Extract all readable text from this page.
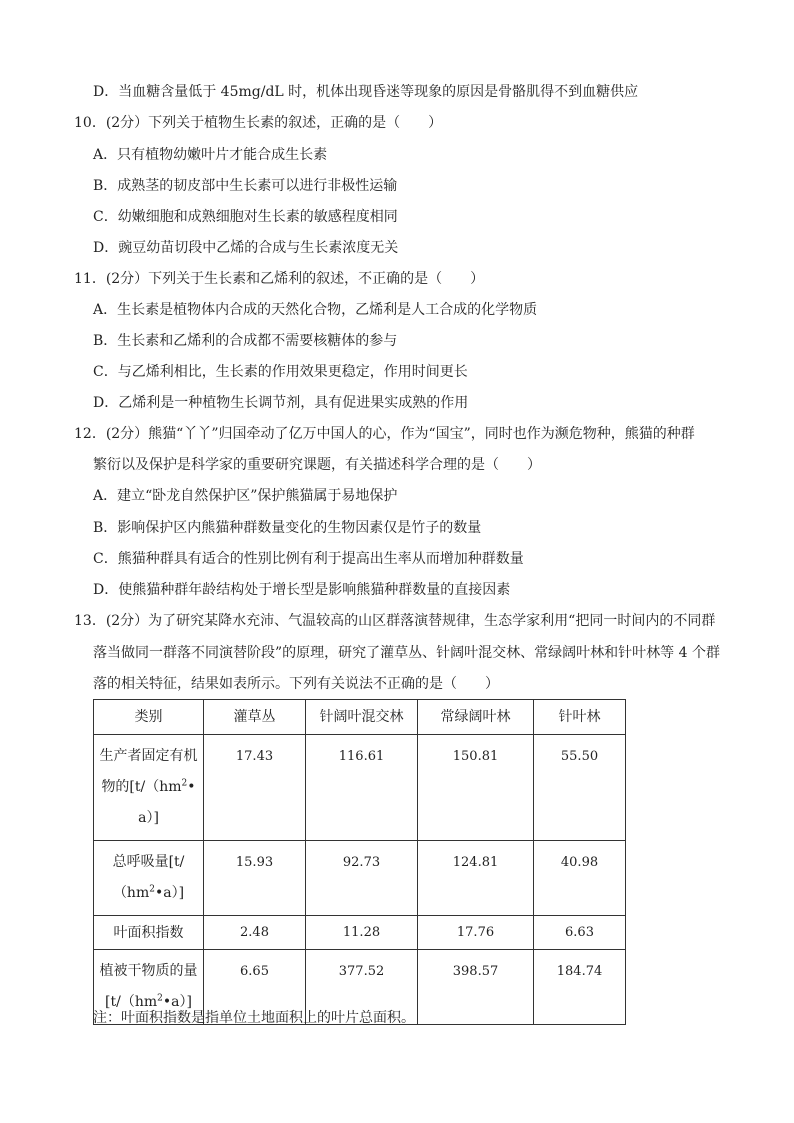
D．当血糖含量低于 45mg/dL 时，机体出现昏迷等现象的原因是骨骼肌得不到血糖供应
10．(2分）下列关于植物生长素的叙述，正确的是（　　）
A．只有植物幼嫩叶片才能合成生长素
B．成熟茎的韧皮部中生长素可以进行非极性运输
C．幼嫩细胞和成熟细胞对生长素的敏感程度相同
D．豌豆幼苗切段中乙烯的合成与生长素浓度无关
11．(2分）下列关于生长素和乙烯利的叙述，不正确的是（　　）
A．生长素是植物体内合成的天然化合物，乙烯利是人工合成的化学物质
B．生长素和乙烯利的合成都不需要核糖体的参与
C．与乙烯利相比，生长素的作用效果更稳定，作用时间更长
D．乙烯利是一种植物生长调节剂，具有促进果实成熟的作用
12．(2分）熊猫“丫丫”归国牵动了亿万中国人的心，作为“国宝”，同时也作为濒危物种，熊猫的种群
繁衍以及保护是科学家的重要研究课题，有关描述科学合理的是（　　）
A．建立“卧龙自然保护区”保护熊猫属于易地保护
B．影响保护区内熊猫种群数量变化的生物因素仅是竹子的数量
C．熊猫种群具有适合的性别比例有利于提高出生率从而增加种群数量
D．使熊猫种群年龄结构处于增长型是影响熊猫种群数量的直接因素
13．(2分）为了研究某降水充沛、气温较高的山区群落演替规律，生态学家利用“把同一时间内的不同群
落当做同一群落不同演替阶段”的原理，研究了灌草丛、针阔叶混交林、常绿阔叶林和针叶林等 4 个群
落的相关特征，结果如表所示。下列有关说法不正确的是（　　）
类别	灌草丛	针阔叶混交林	常绿阔叶林	针叶林
生产者固定有机
物的[$t/(hm^2•$
a）]	17.43	116.61	150.81	55.50
总呼吸量[t/
$(hm^2•a)$]	15.93	92.73	124.81	40.98
叶面积指数	2.48	11.28	17.76	6.63
植被干物质的量
$[t/(hm^2•a)]$	6.65	377.52	398.57	184.74
注：叶面积指数是指单位土地面积上的叶片总面积。
